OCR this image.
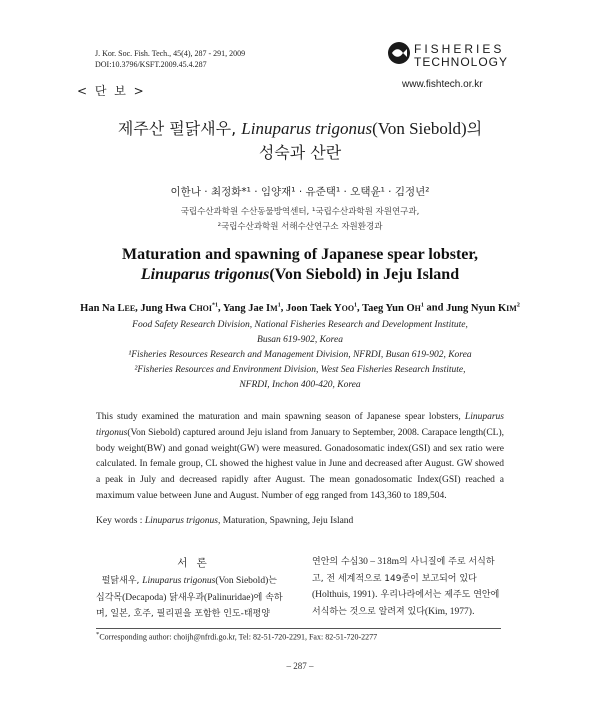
J. Kor. Soc. Fish. Tech., 45(4), 287 - 291, 2009
DOI:10.3796/KSFT.2009.45.4.287
< 단 보 >
FISHERIES
TECHNOLOGY
www.fishtech.or.kr
제주산 펄닭새우, Linuparus trigonus(Von Siebold)의
성숙과 산란
이한나 · 최정화*¹ · 임양재¹ · 유준택¹ · 오택윤¹ · 김정년²
국립수산과학원 수산동물방역센터, ¹국립수산과학원 자원연구과,
²국립수산과학원 서해수산연구소 자원환경과
Maturation and spawning of Japanese spear lobster,
Linuparus trigonus(Von Siebold) in Jeju Island
Han Na LEE, Jung Hwa CHOI$^{*1}$, Yang Jae $IM^1$, Joon Taek YOO$^1$, Taeg Yun $OH^1$ and Jung Nyun KIM$^2$
Food Safety Research Division, National Fisheries Research and Development Institute,
Busan 619-902, Korea
¹Fisheries Resources Research and Management Division, NFRDI, Busan 619-902, Korea
²Fisheries Resources and Environment Division, West Sea Fisheries Research Institute,
NFRDI, Inchon 400-420, Korea
This study examined the maturation and main spawning season of Japanese spear lobsters, Linuparus tirgonus(Von Siebold) captured around Jeju island from January to September, 2008. Carapace length(CL), body weight(BW) and gonad weight(GW) were measured. Gonadosomatic index(GSI) and sex ratio were calculated. In female group, CL showed the highest value in June and decreased after August. GW showed a peak in July and decreased rapidly after August. The mean gonadosomatic Index(GSI) reached a maximum value between June and August. Number of egg ranged from 143,360 to 189,504.
Key words : Linuparus trigonus, Maturation, Spawning, Jeju Island
서 론
펄닭새우, Linuparus trigonus(Von Siebold)는
십각목(Decapoda) 닭새우과(Palinuridae)에 속하
며, 일본, 호주, 필리핀을 포함한 인도-태평양
연안의 수심30 – 318m의 사니질에 주로 서식하
고, 전 세계적으로 149종이 보고되어 있다
(Holthuis, 1991). 우리나라에서는 제주도 연안에
서식하는 것으로 알려져 있다(Kim, 1977).
*Corresponding author: choijh@nfrdi.go.kr, Tel: 82-51-720-2291, Fax: 82-51-720-2277
– 287 –
